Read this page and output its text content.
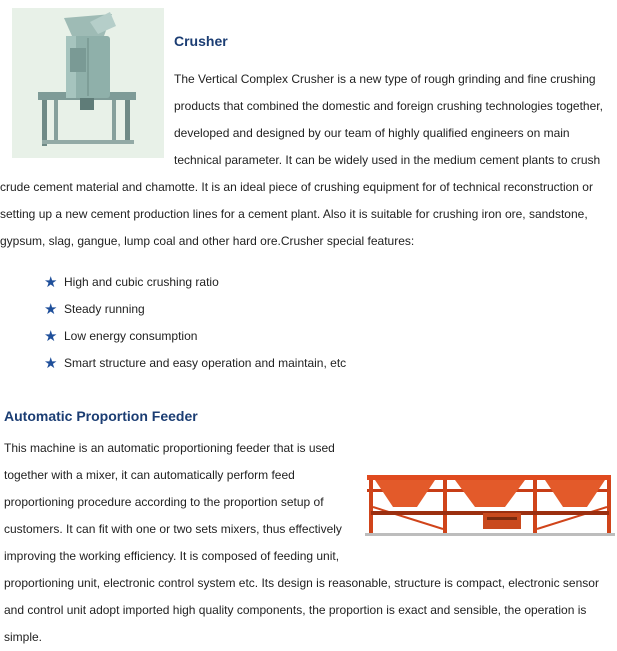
Crusher

The Vertical Complex Crusher is a new type of rough grinding and fine crushing products that combined the domestic and foreign crushing technologies together, developed and designed by our team of highly qualified engineers on main technical parameter. It can be widely used in the medium cement plants to crush crude cement material and chamotte. It is an ideal piece of crushing equipment for of technical reconstruction or setting up a new cement production lines for a cement plant. Also it is suitable for crushing iron ore, sandstone, gypsum, slag, gangue, lump coal and other hard ore.Crusher special features:

★ High and cubic crushing ratio
★ Steady running
★ Low energy consumption
★ Smart structure and easy operation and maintain, etc
Automatic Proportion Feeder

This machine is an automatic proportioning feeder that is used together with a mixer, it can automatically perform feed proportioning procedure according to the proportion setup of customers. It can fit with one or two sets mixers, thus effectively improving the working efficiency. It is composed of feeding unit, proportioning unit, electronic control system etc. Its design is reasonable, structure is compact, electronic sensor and control unit adopt imported high quality components, the proportion is exact and sensible, the operation is simple.
